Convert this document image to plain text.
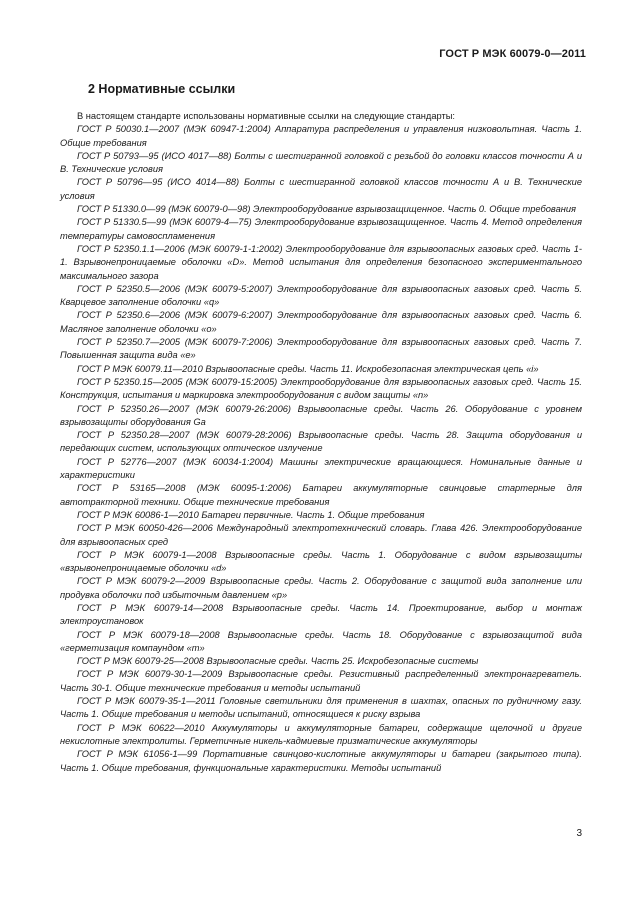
ГОСТ Р МЭК 60079-0—2011
2 Нормативные ссылки

В настоящем стандарте использованы нормативные ссылки на следующие стандарты:

ГОСТ Р 50030.1—2007 (МЭК 60947-1:2004) Аппаратура распределения и управления низковольтная. Часть 1. Общие требования

ГОСТ Р 50793—95 (ИСО 4017—88) Болты с шестигранной головкой с резьбой до головки классов точности А и В. Технические условия

ГОСТ Р 50796—95 (ИСО 4014—88) Болты с шестигранной головкой классов точности А и В. Технические условия

ГОСТ Р 51330.0—99 (МЭК 60079-0—98) Электрооборудование взрывозащищенное. Часть 0. Общие требования

ГОСТ Р 51330.5—99 (МЭК 60079-4—75) Электрооборудование взрывозащищенное. Часть 4. Метод определения температуры самовоспламенения

ГОСТ Р 52350.1.1—2006 (МЭК 60079-1-1:2002) Электрооборудование для взрывоопасных газовых сред. Часть 1-1. Взрывонепроницаемые оболочки «D». Метод испытания для определения безопасного экспериментального максимального зазора

ГОСТ Р 52350.5—2006 (МЭК 60079-5:2007) Электрооборудование для взрывоопасных газовых сред. Часть 5. Кварцевое заполнение оболочки «q»

ГОСТ Р 52350.6—2006 (МЭК 60079-6:2007) Электрооборудование для взрывоопасных газовых сред. Часть 6. Масляное заполнение оболочки «о»

ГОСТ Р 52350.7—2005 (МЭК 60079-7:2006) Электрооборудование для взрывоопасных газовых сред. Часть 7. Повышенная защита вида «е»

ГОСТ Р МЭК 60079.11—2010 Взрывоопасные среды. Часть 11. Искробезопасная электрическая цепь «i»

ГОСТ Р 52350.15—2005 (МЭК 60079-15:2005) Электрооборудование для взрывоопасных газовых сред. Часть 15. Конструкция, испытания и маркировка электрооборудования с видом защиты «n»

ГОСТ Р 52350.26—2007 (МЭК 60079-26:2006) Взрывоопасные среды. Часть 26. Оборудование с уровнем взрывозащиты оборудования Ga

ГОСТ Р 52350.28—2007 (МЭК 60079-28:2006) Взрывоопасные среды. Часть 28. Защита оборудования и передающих систем, использующих оптическое излучение

ГОСТ Р 52776—2007 (МЭК 60034-1:2004) Машины электрические вращающиеся. Номинальные данные и характеристики

ГОСТ Р 53165—2008 (МЭК 60095-1:2006) Батареи аккумуляторные свинцовые стартерные для автотракторной техники. Общие технические требования

ГОСТ Р МЭК 60086-1—2010 Батареи первичные. Часть 1. Общие требования

ГОСТ Р МЭК 60050-426—2006 Международный электротехнический словарь. Глава 426. Электрооборудование для взрывоопасных сред

ГОСТ Р МЭК 60079-1—2008 Взрывоопасные среды. Часть 1. Оборудование с видом взрывозащиты «взрывонепроницаемые оболочки «d»

ГОСТ Р МЭК 60079-2—2009 Взрывоопасные среды. Часть 2. Оборудование с защитой вида заполнение или продувка оболочки под избыточным давлением «р»

ГОСТ Р МЭК 60079-14—2008 Взрывоопасные среды. Часть 14. Проектирование, выбор и монтаж электроустановок

ГОСТ Р МЭК 60079-18—2008 Взрывоопасные среды. Часть 18. Оборудование с взрывозащитой вида «герметизация компаундом «m»

ГОСТ Р МЭК 60079-25—2008 Взрывоопасные среды. Часть 25. Искробезопасные системы

ГОСТ Р МЭК 60079-30-1—2009 Взрывоопасные среды. Резистивный распределенный электронагреватель. Часть 30-1. Общие технические требования и методы испытаний

ГОСТ Р МЭК 60079-35-1—2011 Головные светильники для применения в шахтах, опасных по рудничному газу. Часть 1. Общие требования и методы испытаний, относящиеся к риску взрыва

ГОСТ Р МЭК 60622—2010 Аккумуляторы и аккумуляторные батареи, содержащие щелочной и другие некислотные электролиты. Герметичные никель-кадмиевые призматические аккумуляторы

ГОСТ Р МЭК 61056-1—99 Портативные свинцово-кислотные аккумуляторы и батареи (закрытого типа). Часть 1. Общие требования, функциональные характеристики. Методы испытаний

3
